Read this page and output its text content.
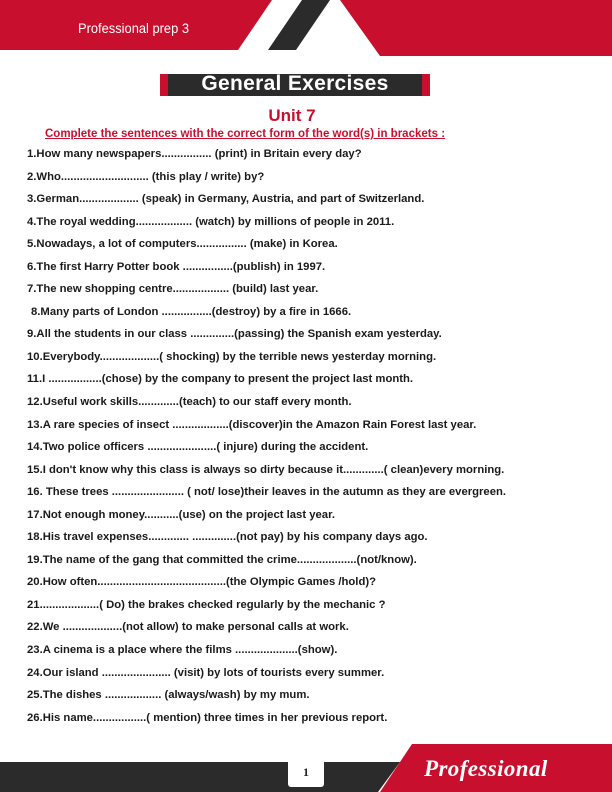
Professional prep 3
General Exercises
Unit 7
Complete the sentences with the correct form of the word(s) in brackets :
1.How many newspapers................ (print) in Britain every day?
2.Who............................ (this play / write) by?
3.German................... (speak) in Germany, Austria, and part of Switzerland.
4.The royal wedding.................. (watch) by millions of people in 2011.
5.Nowadays, a lot of computers................ (make) in Korea.
6.The first Harry Potter book ................(publish) in 1997.
7.The new shopping centre.................. (build) last year.
8.Many parts of London ................(destroy) by a fire in 1666.
9.All the students in our class ..............(passing) the Spanish exam yesterday.
10.Everybody...................( shocking) by the terrible news yesterday morning.
11.I .................(chose) by the company to present the project last month.
12.Useful work skills.............(teach) to our staff every month.
13.A rare species of insect ..................(discover)in the Amazon Rain Forest last year.
14.Two police officers ......................( injure) during the accident.
15.I don't know why this class is always so dirty because it.............( clean)every morning.
16. These trees ....................... ( not/ lose)their leaves in the autumn as they are evergreen.
17.Not enough money...........(use) on the project last year.
18.His travel expenses............. ..............(not pay) by his company days ago.
19.The name of the gang that committed the crime...................(not/know).
20.How often.........................................(the Olympic Games /hold)?
21...................( Do) the brakes checked regularly by the mechanic ?
22.We ...................(not allow) to make personal calls at work.
23.A cinema is a place where the films ....................(show).
24.Our island ...................... (visit) by lots of tourists every summer.
25.The dishes .................. (always/wash) by my mum.
26.His name.................( mention) three times in her previous report.
1	Professional
